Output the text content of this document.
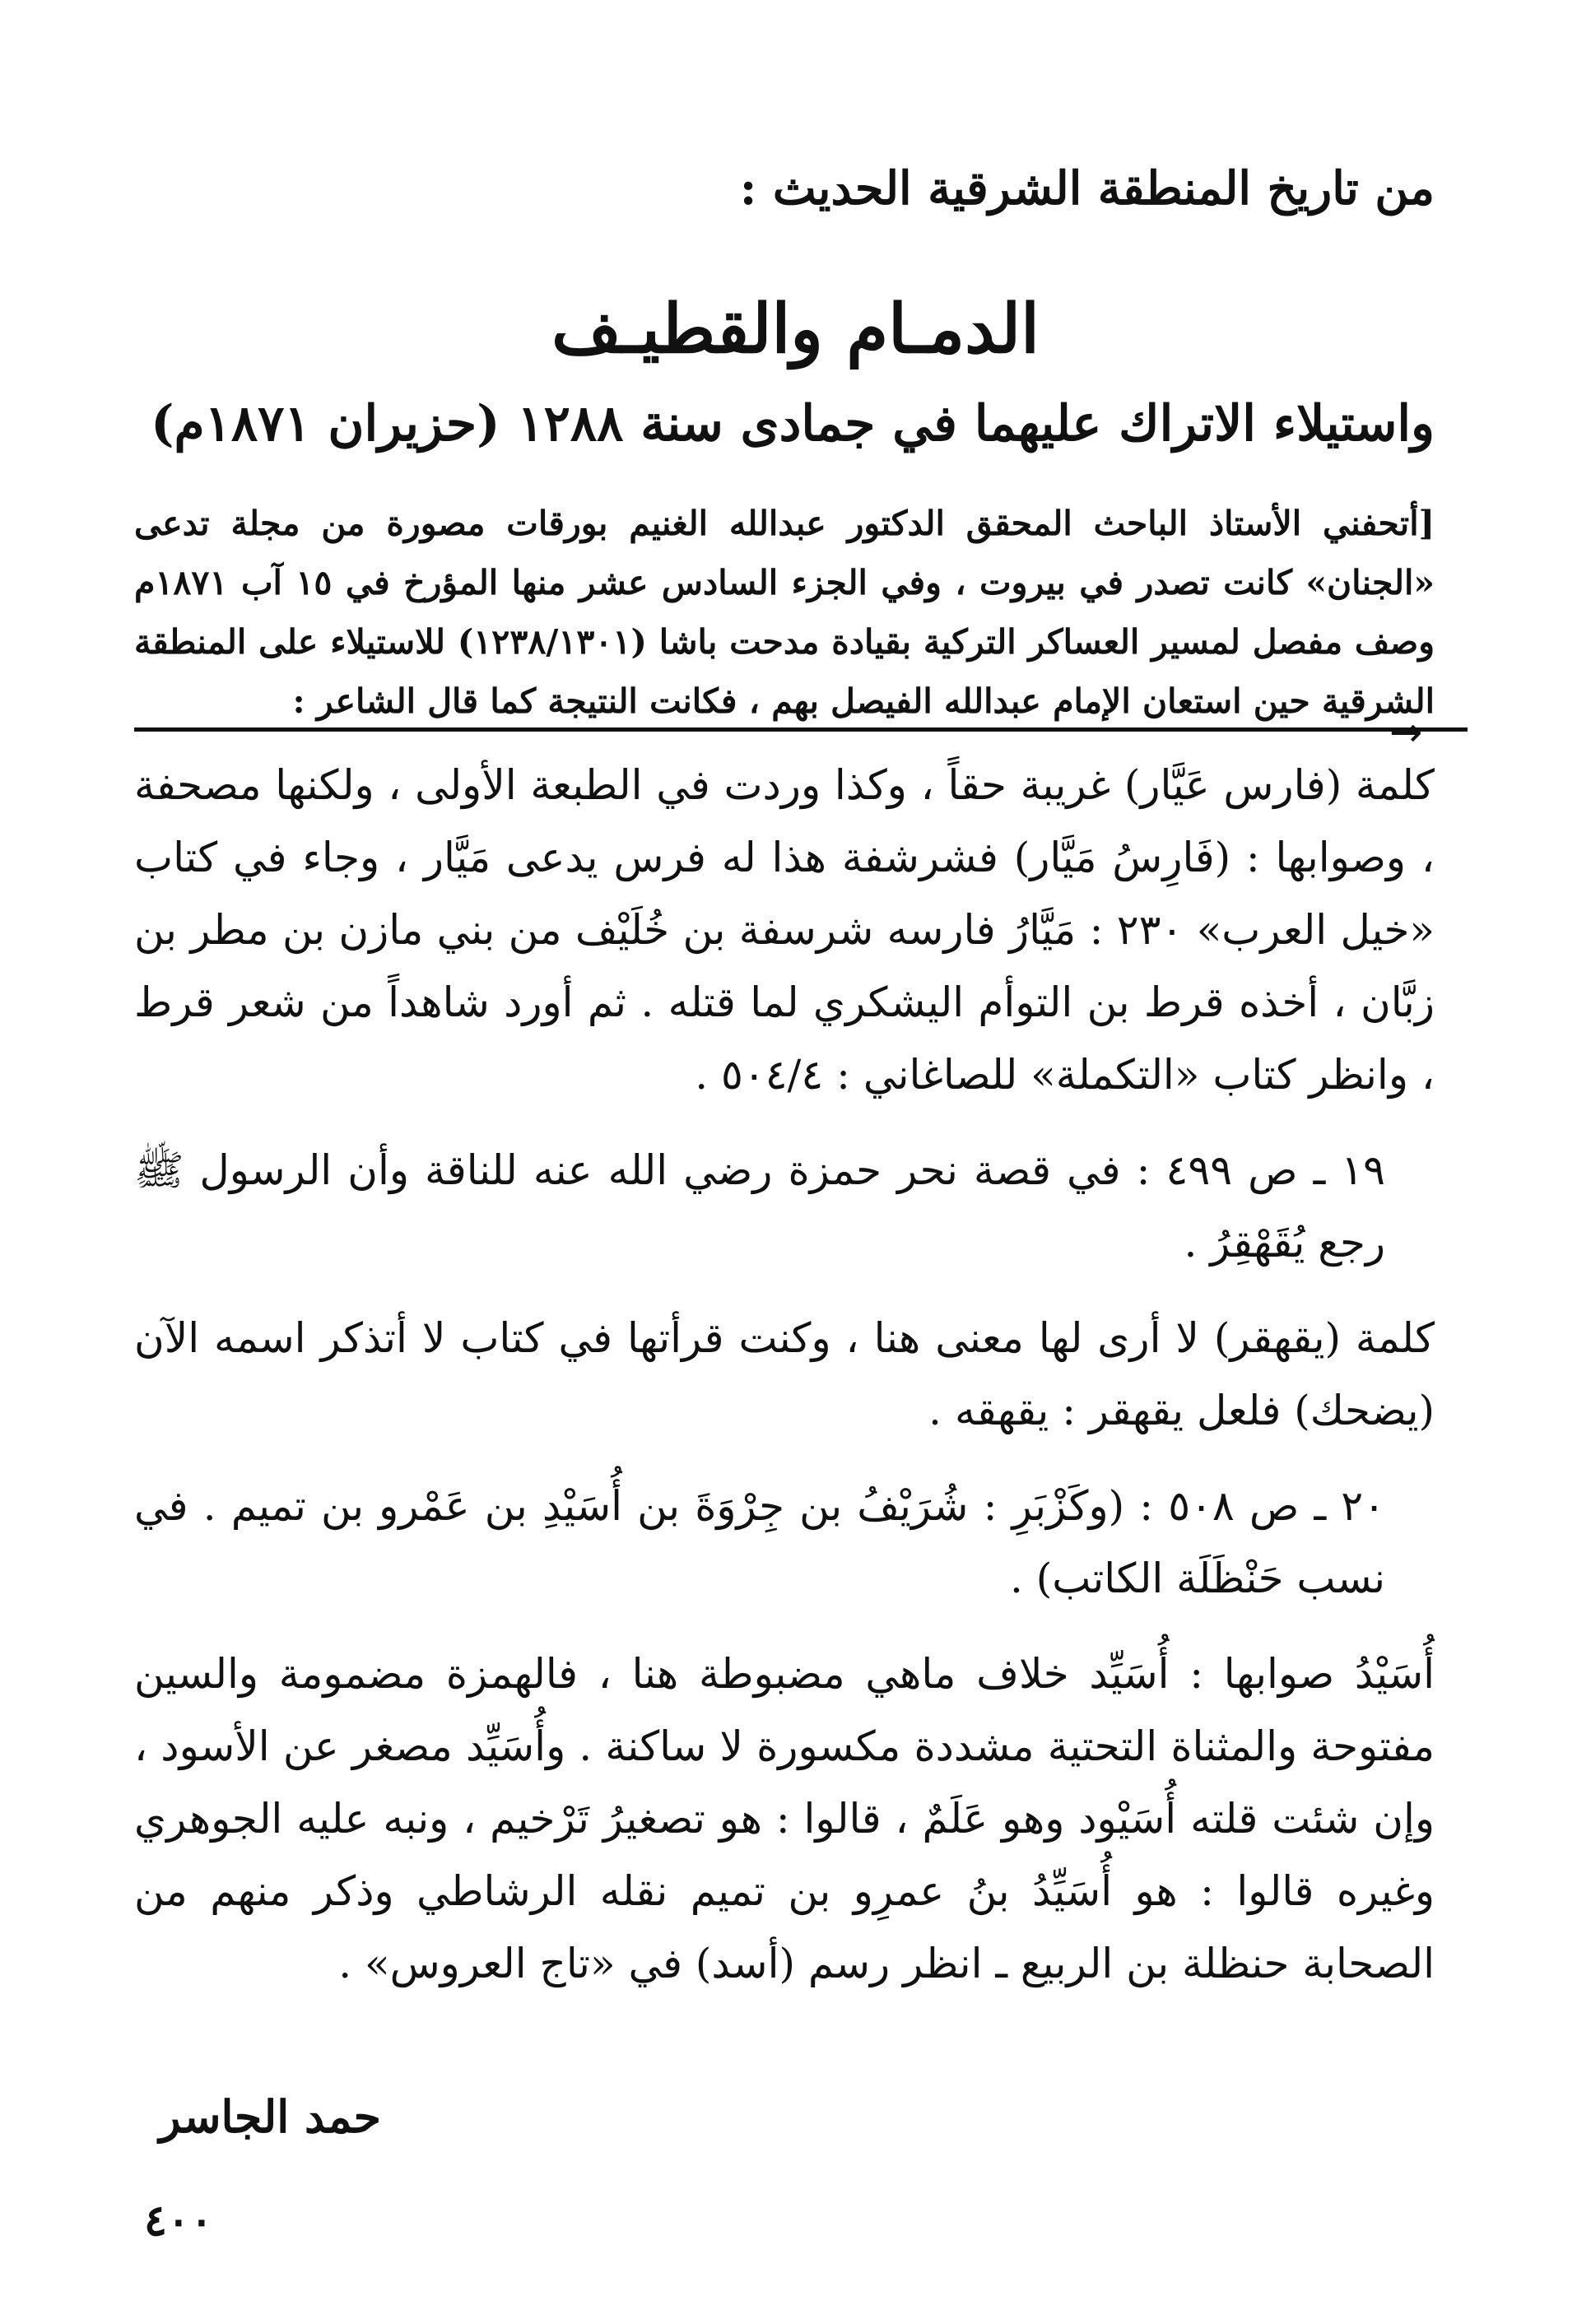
من تاريخ المنطقة الشرقية الحديث :
الدمـام والقطيـف
واستيلاء الاتراك عليهما في جمادى سنة ١٢٨٨ (حزيران ١٨٧١م)

[أتحفني الأستاذ الباحث المحقق الدكتور عبدالله الغنيم بورقات مصورة من مجلة تدعى «الجنان» كانت تصدر في بيروت ، وفي الجزء السادس عشر منها المؤرخ في ١٥ آب ١٨٧١م وصف مفصل لمسير العساكر التركية بقيادة مدحت باشا (١٢٣٨/١٣٠١) للاستيلاء على المنطقة الشرقية حين استعان الإمام عبدالله الفيصل بهم ، فكانت النتيجة كما قال الشاعر :

→

كلمة (فارس عَيَّار) غريبة حقاً ، وكذا وردت في الطبعة الأولى ، ولكنها مصحفة ، وصوابها : (فَارِسُ مَيَّار) فشرشفة هذا له فرس يدعى مَيَّار ، وجاء في كتاب «خيل العرب» ٢٣٠ : مَيَّارُ فارسه شرسفة بن خُلَيْف من بني مازن بن مطر بن زبَّان ، أخذه قرط بن التوأم اليشكري لما قتله . ثم أورد شاهداً من شعر قرط ، وانظر كتاب «التكملة» للصاغاني : ٥٠٤/٤ .

١٩ ـ ص ٤٩٩ : في قصة نحر حمزة رضي الله عنه للناقة وأن الرسول ﷺ رجع يُقَهْقِرُ .

كلمة (يقهقر) لا أرى لها معنى هنا ، وكنت قرأتها في كتاب لا أتذكر اسمه الآن (يضحك) فلعل يقهقر : يقهقه .

٢٠ ـ ص ٥٠٨ : (وكَزْبَرِ : شُرَيْفُ بن جِرْوَةَ بن أُسَيْدِ بن عَمْرو بن تميم . في نسب حَنْظَلَة الكاتب) .

أُسَيْدُ صوابها : أُسَيِّد خلاف ماهي مضبوطة هنا ، فالهمزة مضمومة والسين مفتوحة والمثناة التحتية مشددة مكسورة لا ساكنة . وأُسَيِّد مصغر عن الأسود ، وإن شئت قلته أُسَيْود وهو عَلَمٌ ، قالوا : هو تصغيرُ تَرْخيم ، ونبه عليه الجوهري وغيره قالوا : هو أُسَيِّدُ بنُ عمرِو بن تميم نقله الرشاطي وذكر منهم من الصحابة حنظلة بن الربيع ـ انظر رسم (أسد) في «تاج العروس» .

حمد الجاسر
٤٠٠
